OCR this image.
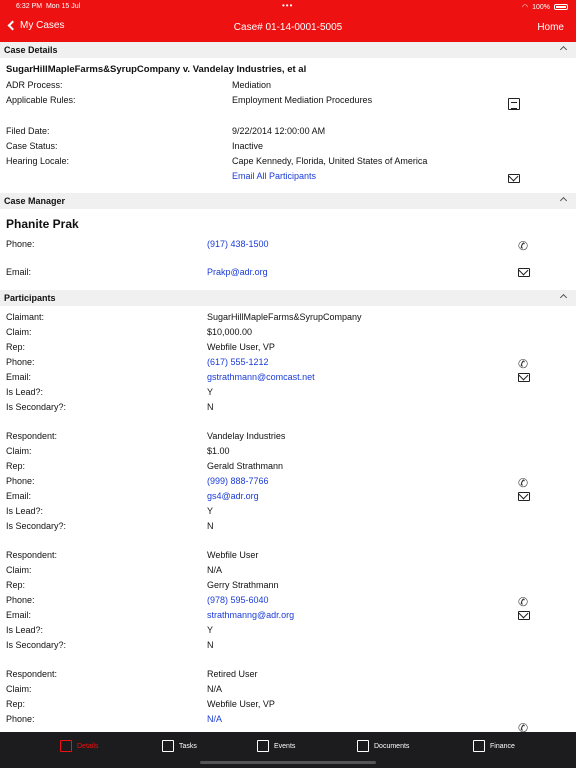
6:32 PM Mon 15 Jul	•••	◠ 100%
My Cases	Case# 01-14-0001-5005	Home
Case Details
SugarHillMapleFarms&SyrupCompany v. Vandelay Industries, et al
ADR Process:	Mediation
Applicable Rules:	Employment Mediation Procedures
Filed Date:	9/22/2014 12:00:00 AM
Case Status:	Inactive
Hearing Locale:	Cape Kennedy, Florida, United States of America
Email All Participants
Case Manager
Phanite Prak
Phone:	(917) 438-1500	✆
Email:	Prakp@adr.org
Participants
Claimant:	SugarHillMapleFarms&SyrupCompany
Claim:	$10,000.00
Rep:	Webfile User, VP
Phone:	(617) 555-1212	✆
Email:	gstrathmann@comcast.net
Is Lead?:	Y
Is Secondary?:	N
Respondent:	Vandelay Industries
Claim:	$1.00
Rep:	Gerald Strathmann
Phone:	(999) 888-7766	✆
Email:	gs4@adr.org
Is Lead?:	Y
Is Secondary?:	N
Respondent:	Webfile User
Claim:	N/A
Rep:	Gerry Strathmann
Phone:	(978) 595-6040	✆
Email:	strathmanng@adr.org
Is Lead?:	Y
Is Secondary?:	N
Respondent:	Retired User
Claim:	N/A
Rep:	Webfile User, VP
Phone:	N/A
✆
Details	Tasks	Events	Documents	Finance
